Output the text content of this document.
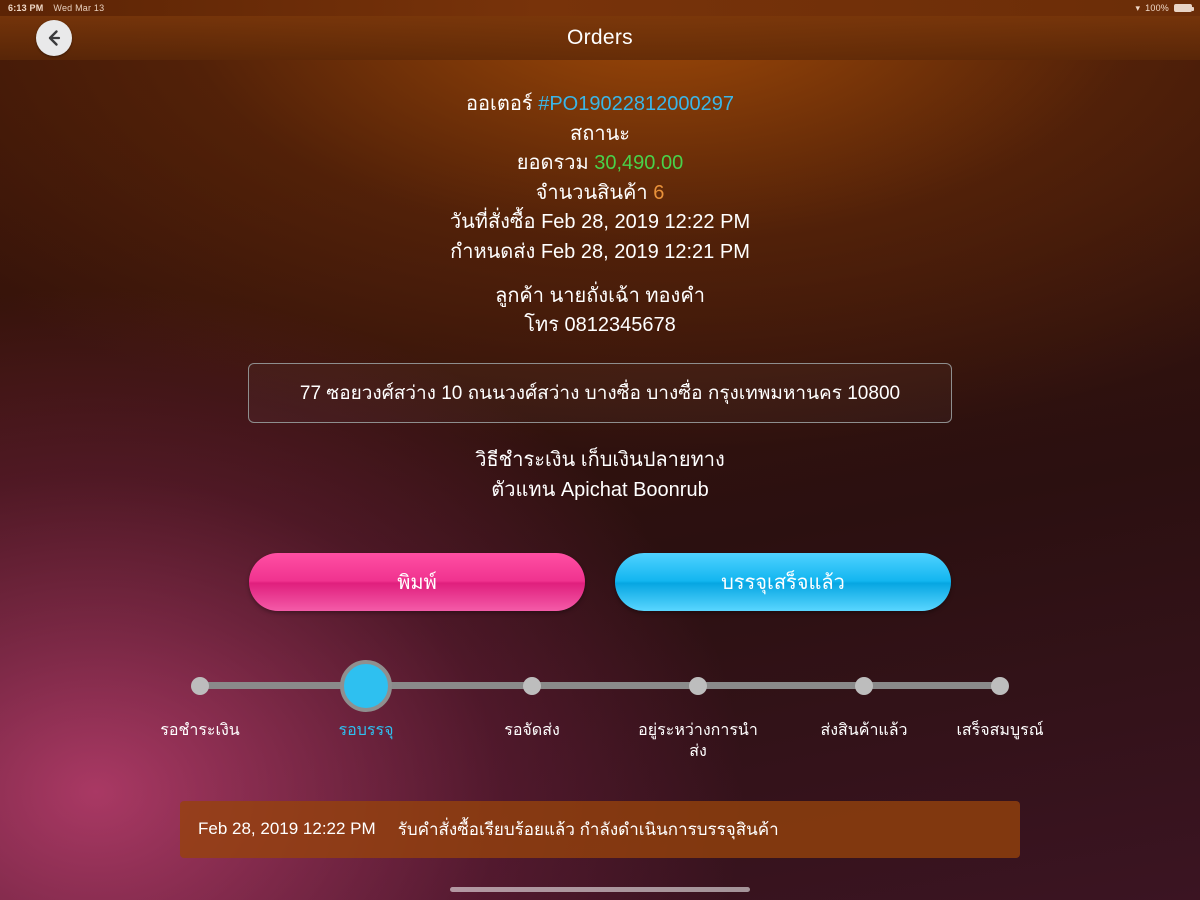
6:13 PM Wed Mar 13	▾ 100%
Orders
ออเตอร์ #PO19022812000297
สถานะ
ยอดรวม 30,490.00
จำนวนสินค้า 6
วันที่สั่งซื้อ Feb 28, 2019 12:22 PM
กำหนดส่ง Feb 28, 2019 12:21 PM
ลูกค้า นายถั่งเฉ้า ทองคำ
โทร 0812345678
77 ซอยวงศ์สว่าง 10 ถนนวงศ์สว่าง บางซื่อ บางซื่อ กรุงเทพมหานคร 10800
วิธีชำระเงิน เก็บเงินปลายทาง
ตัวแทน Apichat Boonrub
พิมพ์	บรรจุเสร็จแล้ว
รอชำระเงิน	รอบรรจุ	รอจัดส่ง	อยู่ระหว่างการนำส่ง
ส่งสินค้าแล้ว	เสร็จสมบูรณ์
Feb 28, 2019 12:22 PM รับคำสั่งซื้อเรียบร้อยแล้ว กำลังดำเนินการบรรจุสินค้า
